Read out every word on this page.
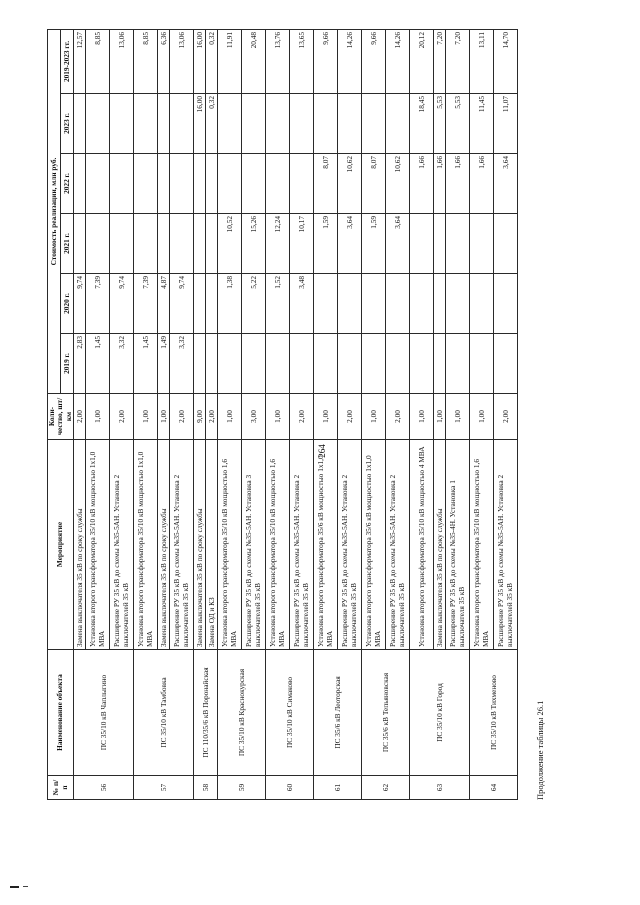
Продолжение таблицы 26.1
№ п/п	Наименование объекта	Мероприятие	Коли-чество, шт/км	Стоимость реализации, млн руб.					
				2019 г.	2020 г.	2021 г.	2022 г.	2023 г.	2019-2023 гг.
56	ПС 35/10 кВ Чаплыгино	Замена выключателя 35 кВ по сроку службы	2,00	2,83	9,74				12,57
		Установка второго трансформатора 35/10 кВ мощностью 1х1,0 МВА	1,00	1,45	7,39				8,85
		Расширение РУ 35 кВ до схемы №35-5АН. Установка 2 выключателей 35 кВ	2,00	3,32	9,74				13,06
57	ПС 35/10 кВ Тамбовка	Установка второго трансформатора 35/10 кВ мощностью 1х1,0 МВА	1,00	1,45	7,39				8,85
		Замена выключателя 35 кВ по сроку службы	1,00	1,49	4,87				6,36
		Расширение РУ 35 кВ до схемы №35-5АН. Установка 2 выключателей 35 кВ	2,00	3,32	9,74				13,06
58	ПС 110/35/6 кВ Поронайская	Замена выключателя 35 кВ по сроку службы	9,00					16,00	16,00
		Замена ОД и КЗ	2,00					0,32	0,32
59	ПС 35/10 кВ Краснокурская	Установка второго трансформатора 35/10 кВ мощностью 1,6 МВА	1,00		1,38	10,52			11,91
		Расширение РУ 35 кВ до схемы №35-5АН. Установка 3 выключателей 35 кВ	3,00		5,22	15,26			20,48
60	ПС 35/10 кВ Симаково	Установка второго трансформатора 35/10 кВ мощностью 1,6 МВА	1,00		1,52	12,24			13,76
		Расширение РУ 35 кВ до схемы №35-5АН. Установка 2 выключателей 35 кВ	2,00		3,48	10,17			13,65
61	ПС 35/6 кВ Леоторская	Установка второго трансформатора 35/6 кВ мощностью 1х1,0 МВА	1,00			1,59	8,07		9,66
		Расширение РУ 35 кВ до схемы №35-5АН. Установка 2 выключателей 35 кВ	2,00			3,64	10,62		14,26
62	ПС 35/6 кВ Тепьяновская	Установка второго трансформатора 35/6 кВ мощностью 1х1,0 МВА	1,00			1,59	8,07		9,66
		Расширение РУ 35 кВ до схемы №35-5АН. Установка 2 выключателей 35 кВ	2,00			3,64	10,62		14,26
63	ПС 35/10 кВ Город	Установка второго трансформатора 35/10 кВ мощностью 4 МВА	1,00				1,66	18,45	20,12
		Замена выключателя 35 кВ по сроку службы	1,00				1,66	5,53	7,20
		Расширение РУ 35 кВ до схемы №35-4Н. Установка 1 выключателя 35 кВ	1,00				1,66	5,53	7,20
64	ПС 35/10 кВ Тихменово	Установка второго трансформатора 35/10 кВ мощностью 1,6 МВА	1,00				1,66	11,45	13,11
		Расширение РУ 35 кВ до схемы №35-5АН. Установка 2 выключателей 35 кВ	2,00				3,64	11,07	14,70
264
